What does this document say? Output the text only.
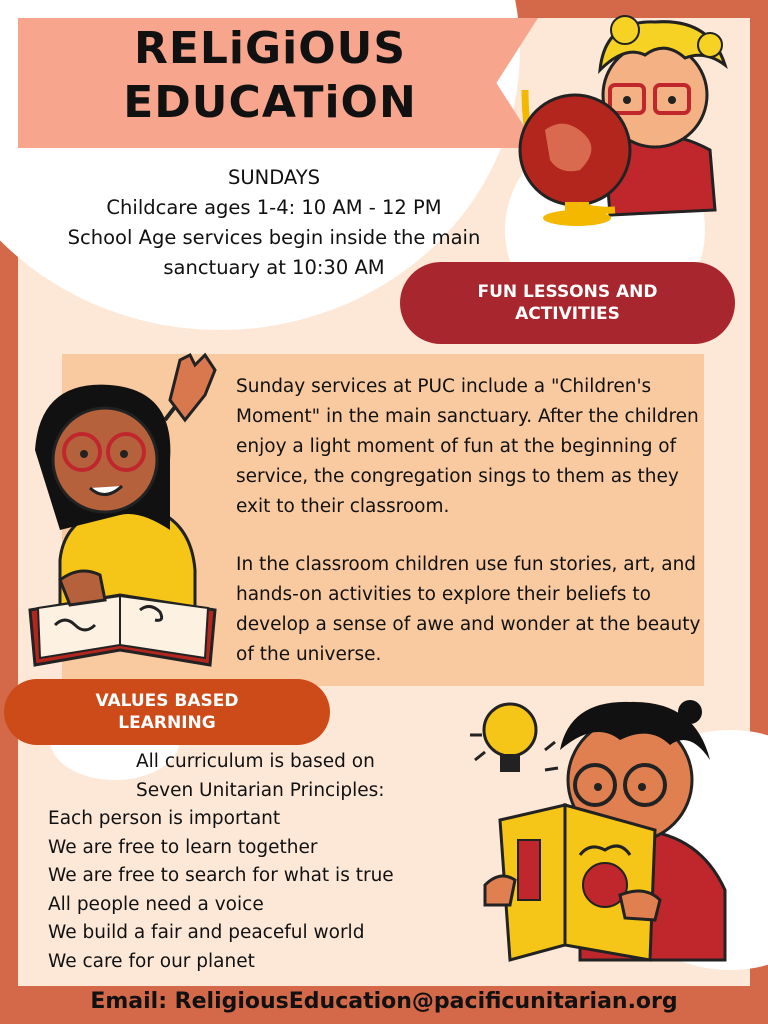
RELiGiOUS
EDUCATiON
SUNDAYS
Childcare ages 1-4: 10 AM - 12 PM
School Age services begin inside the main
sanctuary at 10:30 AM
FUN LESSONS AND ACTIVITIES
Sunday services at PUC include a "Children's Moment" in the main sanctuary. After the children enjoy a light moment of fun at the beginning of service, the congregation sings to them as they exit to their classroom.
In the classroom children use fun stories, art, and hands-on activities to explore their beliefs to develop a sense of awe and wonder at the beauty of the universe.
VALUES BASED LEARNING
All curriculum is based on
Seven Unitarian Principles:
Each person is important
We are free to learn together
We are free to search for what is true
All people need a voice
We build a fair and peaceful world
We care for our planet
Email: ReligiousEducation@pacificunitarian.org
